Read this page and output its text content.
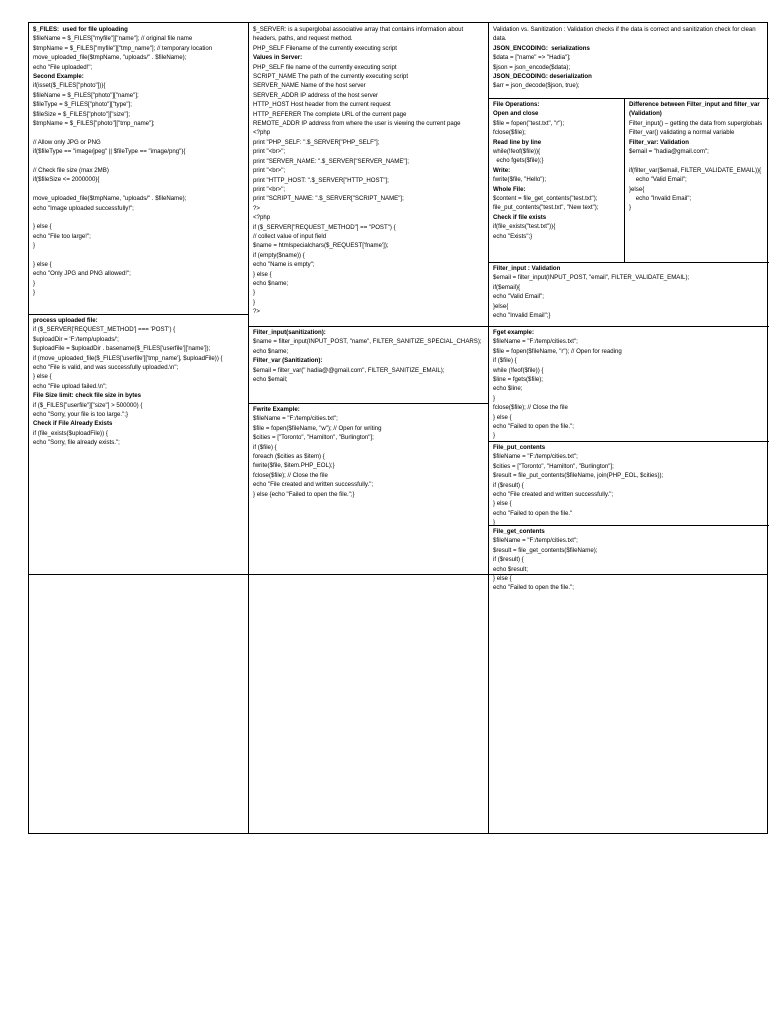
$_FILES:  used for file uploading
$fileName = $_FILES["myfile"]["name"]; // original file name
$tmpName = $_FILES["myfile"]["tmp_name"]; // temporary location
move_uploaded_file($tmpName, "uploads/" . $fileName);
echo "File uploaded!";
Second Example:
if(isset($_FILES["photo"])){
$fileName = $_FILES["photo"]["name"];
$fileType = $_FILES["photo"]["type"];
$fileSize = $_FILES["photo"]["size"];
$tmpName = $_FILES["photo"]["tmp_name"];
// Allow only JPG or PNG
if($fileType == "image/jpeg" || $fileType == "image/png"){
// Check file size (max 2MB)
if($fileSize <= 2000000){
move_uploaded_file($tmpName, "uploads/" . $fileName);
echo "Image uploaded successfully!";
} else {
echo "File too large!";
}
} else {
echo "Only JPG and PNG allowed!";
}
}
process uploaded file:
if ($_SERVER['REQUEST_METHOD'] === 'POST') {
$uploadDir = 'F:/temp/uploads/';
$uploadFile = $uploadDir . basename($_FILES['userfile']['name']);
if (move_uploaded_file($_FILES['userfile']['tmp_name'], $uploadFile)) {
echo "File is valid, and was successfully uploaded.\n";
} else {
echo "File upload failed.\n";
File Size limit: check file size in bytes
if ($_FILES["userfile"]["size"] > 500000) {
echo "Sorry, your file is too large.";}
Check if File Already Exists
if (file_exists($uploadFile)) {
echo "Sorry, file already exists.";
$_SERVER: is a superglobal associative array that contains information about headers, paths, and request method.
PHP_SELF Filename of the currently executing script
Values in Server:
PHP_SELF file name of the currently executing script
SCRIPT_NAME The path of the currently executing script
SERVER_NAME Name of the host server
SERVER_ADDR IP address of the host server
HTTP_HOST Host header from the current request
HTTP_REFERER The complete URL of the current page
REMOTE_ADDR IP address from where the user is viewing the current page
<?php
print "PHP_SELF: ".$_SERVER["PHP_SELF"];
print "<br>";
print "SERVER_NAME: ".$_SERVER["SERVER_NAME"];
print "<br>";
print "HTTP_HOST: ".$_SERVER["HTTP_HOST"];
print "<br>";
print "SCRIPT_NAME: ".$_SERVER["SCRIPT_NAME"];
?>
<?php
if ($_SERVER["REQUEST_METHOD"] == "POST") {
// collect value of input field
$name = htmlspecialchars($_REQUEST['fname']);
if (empty($name)) {
echo "Name is empty";
} else {
echo $name;
}
}
?>
Filter_input(sanitization):
$name = filter_input(INPUT_POST, "name", FILTER_SANITIZE_SPECIAL_CHARS);
echo $name;
Filter_var (Sanitization):
$email = filter_var(" hadia@@gmail.com", FILTER_SANITIZE_EMAIL);
echo $email;
Fwrite Example:
$fileName = "F:/temp/cities.txt";
$file = fopen($fileName, "w"); // Open for writing
$cities = ["Toronto", "Hamilton", "Burlington"];
if ($file) {
foreach ($cities as $item) {
fwrite($file, $item.PHP_EOL);}
fclose($file); // Close the file
echo "File created and written successfully.";
} else {echo "Failed to open the file.";}
Validation vs. Sanitization : Validation checks if the data is correct and sanitization check for clean data.
JSON_ENCODING:  serializations
$data = ["name" => "Hadia"];
$json = json_encode($data);
JSON_DECODING: deserialization
$arr = json_decode($json, true);
File Operations:
Open and close
$file = fopen("test.txt", "r");
fclose($file);
Read line by line
while(!feof($file)){
echo fgets($file);}
Write:
fwrite($file, "Hello");
Whole File:
$content = file_get_contents("test.txt");
file_put_contents("test.txt", "New text");
Check if file exists
if(file_exists("test.txt")){
echo "Exists";}
Difference between Filter_input and filter_var (Validation)
Filter_input() – getting the data from superglobals
Filter_var() validating a normal variable
Filter_var: Validation
$email = "hadia@gmail.com";
if(filter_var($email, FILTER_VALIDATE_EMAIL)){
echo "Valid Email";
}else{
echo "Invalid Email";
}
Filter_input : Validation
$email = filter_input(INPUT_POST, "email", FILTER_VALIDATE_EMAIL);
if($email){
echo "Valid Email";
}else{
echo "Invalid Email";}
Fget example:
$fileName = "F:/temp/cities.txt";
$file = fopen($fileName, "r"); // Open for reading
if ($file) {
while (!feof($file)) {
$line = fgets($file);
echo $line;
}
fclose($file); // Close the file
} else {
echo "Failed to open the file.";
}
File_put_contents
$fileName = "F:/temp/cities.txt";
$cities = ["Toronto", "Hamilton", "Burlington"];
$result = file_put_contents($fileName, join(PHP_EOL, $cities));
if ($result) {
echo "File created and written successfully.";
} else {
echo "Failed to open the file."
}
File_get_contents
$fileName = "F:/temp/cities.txt";
$result = file_get_contents($fileName);
if ($result) {
echo $result;
} else {
echo "Failed to open the file.";
